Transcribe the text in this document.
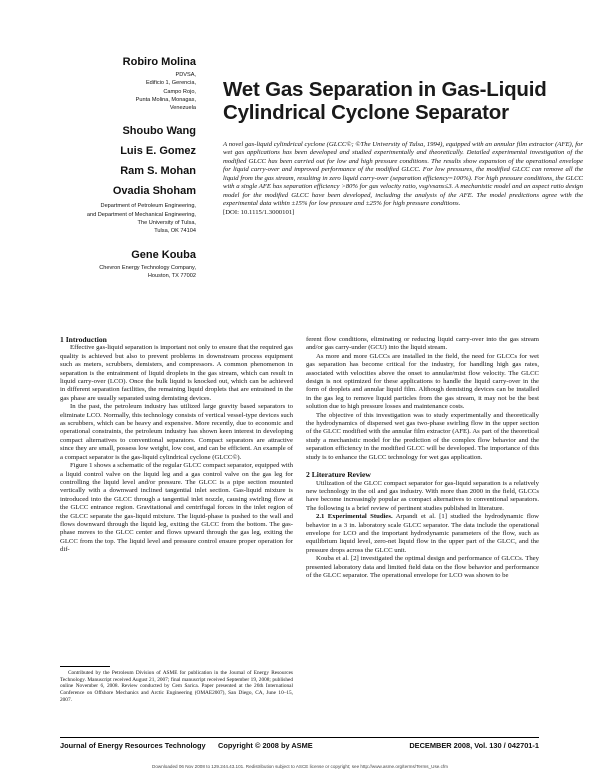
Robiro Molina

PDVSA,

Edificio 1, Gerencia,

Campo Rojo,

Punta Molina, Monagas,

Venezuela

Shoubo Wang

Luis E. Gomez

Ram S. Mohan

Ovadia Shoham

Department of Petroleum Engineering,

and Department of Mechanical Engineering,

The University of Tulsa,

Tulsa, OK 74104

Gene Kouba

Chevron Energy Technology Company,

Houston, TX 77002

Wet Gas Separation in Gas-Liquid Cylindrical Cyclone Separator
A novel gas-liquid cylindrical cyclone (GLCC©; ©The University of Tulsa, 1994), equipped with an annular film extractor (AFE), for wet gas applications has been developed and studied experimentally and theoretically. Detailed experimental investigation of the modified GLCC has been carried out for low and high pressure conditions. The results show expansion of the operational envelope for liquid carry-over and improved performance of the modified GLCC. For low pressures, the modified GLCC can remove all the liquid from the gas stream, resulting in zero liquid carry-over (separation efficiency=100%). For high pressure conditions, the GLCC with a single AFE has separation efficiency >80% for gas velocity ratio, vsg/vsans≤3. A mechanistic model and an aspect ratio design model for the modified GLCC have been developed, including the analysis of the AFE. The model predictions agree with the experimental data within ±15% for low pressure and ±25% for high pressure conditions.
[DOI: 10.1115/1.3000101]

1 Introduction

Effective gas-liquid separation is important not only to ensure that the required gas quality is achieved but also to prevent problems in downstream process equipment such as meters, scrubbers, demisters, and compressors. A common phenomenon in separation is the entrainment of liquid droplets in the gas stream, which can result in liquid carry-over (LCO). Once the bulk liquid is knocked out, which can be achieved in different separation facilities, the remaining liquid droplets that are entrained in the gas phase are usually separated using demisting devices.

In the past, the petroleum industry has utilized large gravity based separators to eliminate LCO. Normally, this technology consists of vertical vessel-type devices such as scrubbers, which can be heavy and expensive. More recently, due to economic and operational constraints, the petroleum industry has shown keen interest in developing compact alternatives to conventional separators. Compact separators are attractive since they are small, possess low weight, low cost, and can be efficient. An example of a compact separator is the gas-liquid cylindrical cyclone (GLCC©).

Figure 1 shows a schematic of the regular GLCC compact separator, equipped with a liquid control valve on the liquid leg and a gas control valve on the gas leg for controlling the liquid level and/or pressure. The GLCC is a pipe section mounted vertically with a downward inclined tangential inlet section. Gas-liquid mixture is introduced into the GLCC through a tangential inlet nozzle, causing swirling flow at the GLCC entrance region. Gravitational and centrifugal forces in the inlet region of the GLCC separate the gas-liquid mixture. The liquid-phase is pushed to the wall and flows downward through the liquid leg, exiting the GLCC from the bottom. The gas-phase moves to the GLCC center and flows upward through the gas leg, exiting the GLCC from the top. The liquid level and pressure control ensure proper operation for dif-

Contributed by the Petroleum Division of ASME for publication in the Journal of Energy Resources Technology. Manuscript received August 21, 2007; final manuscript received September 19, 2008; published online November 6, 2008. Review conducted by Cem Sarica. Paper presented at the 26th International Conference on Offshore Mechanics and Arctic Engineering (OMAE2007), San Diego, CA, June 10–15, 2007.

ferent flow conditions, eliminating or reducing liquid carry-over into the gas stream and/or gas carry-under (GCU) into the liquid stream.

As more and more GLCCs are installed in the field, the need for GLCCs for wet gas separation has become critical for the industry, for handling high gas rates, associated with velocities above the onset to annular/mist flow velocity. The GLCC design is not optimized for these applications to handle the liquid carry-over in the form of droplets and annular liquid film. Although demisting devices can be installed in the gas leg to remove liquid particles from the gas stream, it may not be the best solution due to high pressure losses and maintenance costs.

The objective of this investigation was to study experimentally and theoretically the hydrodynamics of dispersed wet gas two-phase swirling flow in the upper section of the GLCC modified with the annular film extractor (AFE). As part of the theoretical study a mechanistic model for the prediction of the complex flow behavior and the separation efficiency in the modified GLCC will be developed. The importance of this study is to enhance the GLCC technology for wet gas application.

2 Literature Review

Utilization of the GLCC compact separator for gas-liquid separation is a relatively new technology in the oil and gas industry. With more than 2000 in the field, GLCCs have become increasingly popular as compact alternatives to conventional separators. The following is a brief review of pertinent studies published in literature.

2.1 Experimental Studies. Arpandi et al. [1] studied the hydrodynamic flow behavior in a 3 in. laboratory scale GLCC separator. The data include the operational envelope for LCO and the important hydrodynamic parameters of the flow, such as equilibrium liquid level, zero-net liquid flow in the upper part of the GLCC, and the pressure drops across the GLCC unit.

Kouba et al. [2] investigated the optimal design and performance of GLCCs. They presented laboratory data and limited field data on the flow behavior and performance of the GLCC separator. The operational envelope for LCO was shown to be

Journal of Energy Resources Technology Copyright © 2008 by ASME	DECEMBER 2008, Vol. 130 / 042701-1
Downloaded 06 Nov 2008 to 129.244.43.101. Redistribution subject to ASCE license or copyright; see http://www.asme.org/terms/Terms_Use.cfm
